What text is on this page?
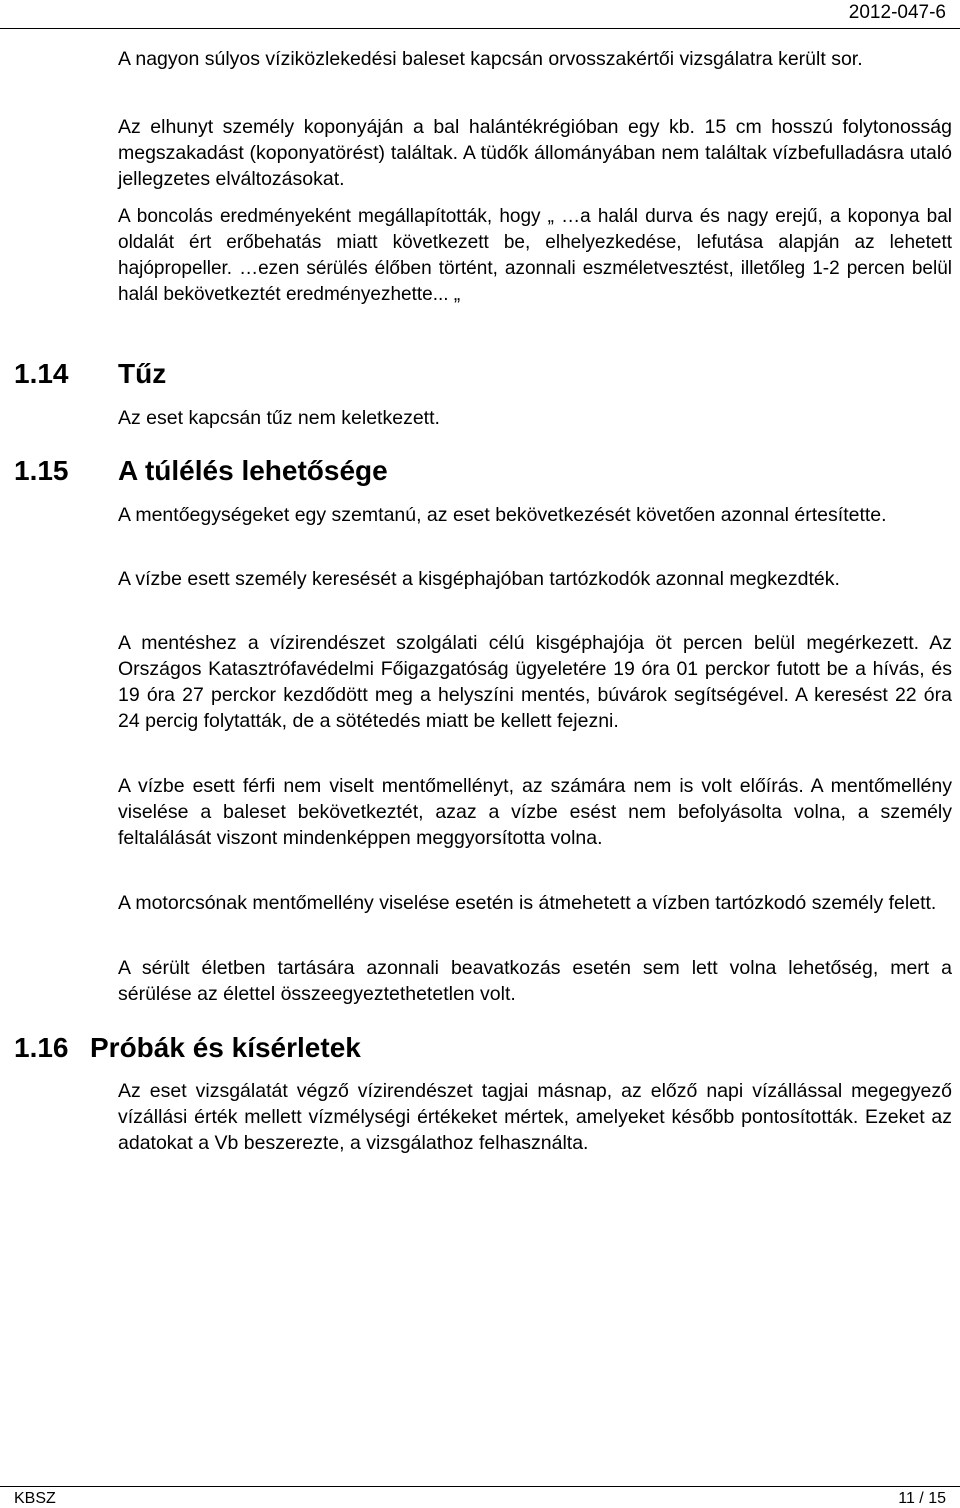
2012-047-6
A nagyon súlyos víziközlekedési baleset kapcsán orvosszakértői vizsgálatra került sor.
Az elhunyt személy koponyáján a bal halántékrégióban egy kb. 15 cm hosszú folytonosság megszakadást (koponyatörést) találtak. A tüdők állományában nem találtak vízbefulladásra utaló jellegzetes elváltozásokat.
A boncolás eredményeként megállapították, hogy „ …a halál durva és nagy erejű, a koponya bal oldalát ért erőbehatás miatt következett be, elhelyezkedése, lefutása alapján az lehetett hajópropeller. …ezen sérülés élőben történt, azonnali eszméletvesztést, illetőleg 1-2 percen belül halál bekövetkeztét eredményezhette... „
1.14 Tűz
Az eset kapcsán tűz nem keletkezett.
1.15 A túlélés lehetősége
A mentőegységeket egy szemtanú, az eset bekövetkezését követően azonnal értesítette.
A vízbe esett személy keresését a kisgéphajóban tartózkodók azonnal megkezdték.
A mentéshez a vízirendészet szolgálati célú kisgéphajója öt percen belül megérkezett. Az Országos Katasztrófavédelmi Főigazgatóság ügyeletére 19 óra 01 perckor futott be a hívás, és 19 óra 27 perckor kezdődött meg a helyszíni mentés, búvárok segítségével. A keresést 22 óra 24 percig folytatták, de a sötétedés miatt be kellett fejezni.
A vízbe esett férfi nem viselt mentőmellényt, az számára nem is volt előírás. A mentőmellény viselése a baleset bekövetkeztét, azaz a vízbe esést nem befolyásolta volna, a személy feltalálását viszont mindenképpen meggyorsította volna.
A motorcsónak mentőmellény viselése esetén is átmehetett a vízben tartózkodó személy felett.
A sérült életben tartására azonnali beavatkozás esetén sem lett volna lehetőség, mert a sérülése az élettel összeegyeztethetetlen volt.
1.16 Próbák és kísérletek
Az eset vizsgálatát végző vízirendészet tagjai másnap, az előző napi vízállással megegyező vízállási érték mellett vízmélységi értékeket mértek, amelyeket később pontosították. Ezeket az adatokat a Vb beszerezte, a vizsgálathoz felhasználta.
KBSZ	11 / 15
